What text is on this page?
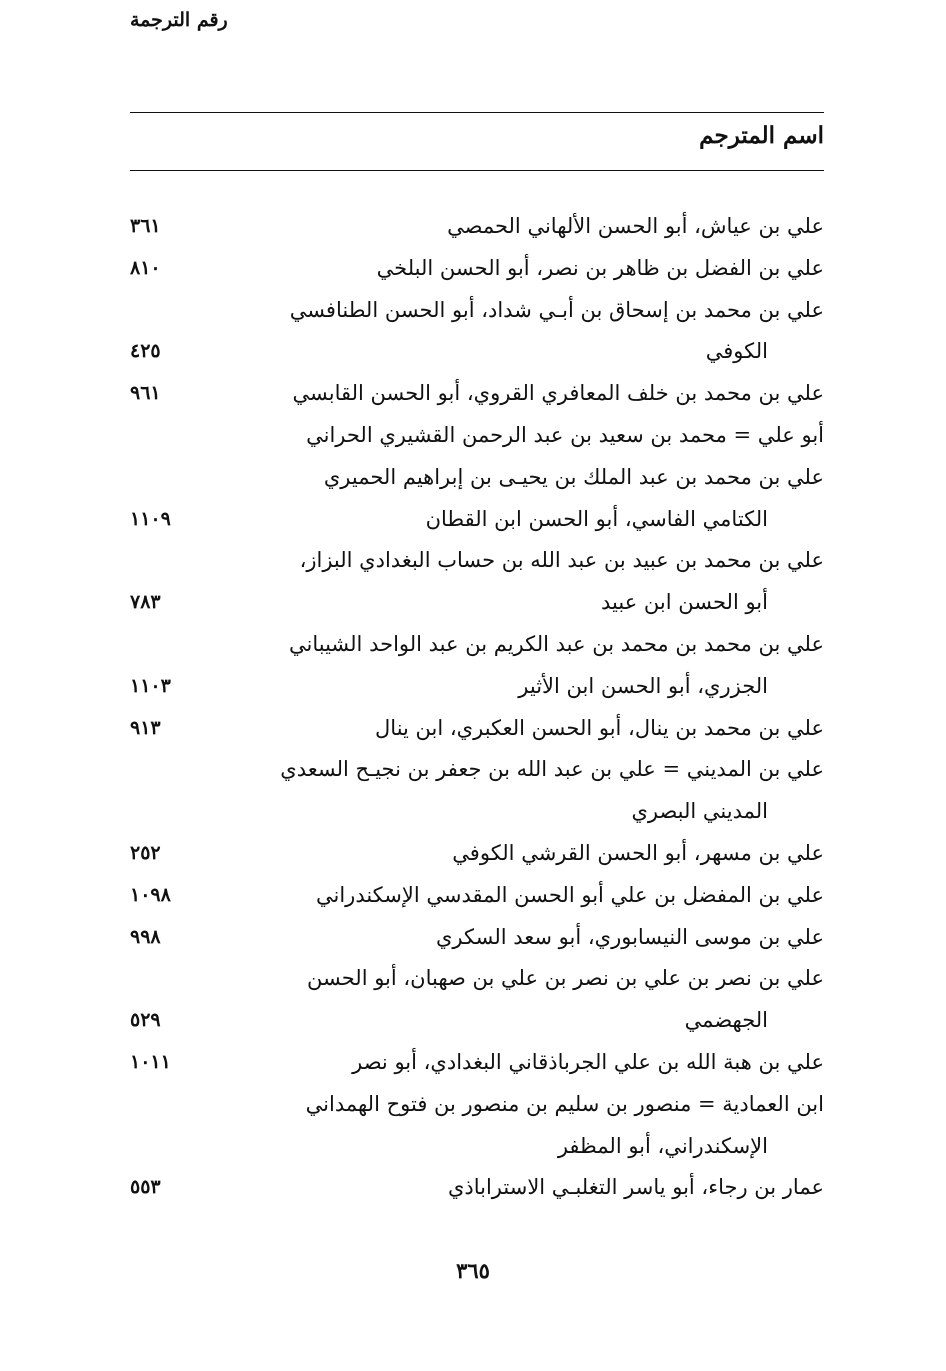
اسم المترجم
رقم الترجمة
علي بن عياش، أبو الحسن الألهاني الحمصي
٣٦١
علي بن الفضل بن ظاهر بن نصر، أبو الحسن البلخي
٨١٠
علي بن محمد بن إسحاق بن أبـي شداد، أبو الحسن الطنافسي
الكوفي
٤٢٥
علي بن محمد بن خلف المعافري القروي، أبو الحسن القابسي
٩٦١
أبو علي = محمد بن سعيد بن عبد الرحمن القشيري الحراني
علي بن محمد بن عبد الملك بن يحيـى بن إبراهيم الحميري
الكتامي الفاسي، أبو الحسن ابن القطان
١١٠٩
علي بن محمد بن عبيد بن عبد الله بن حساب البغدادي البزاز،
أبو الحسن ابن عبيد
٧٨٣
علي بن محمد بن محمد بن عبد الكريم بن عبد الواحد الشيباني
الجزري، أبو الحسن ابن الأثير
١١٠٣
علي بن محمد بن ينال، أبو الحسن العكبري، ابن ينال
٩١٣
علي بن المديني = علي بن عبد الله بن جعفر بن نجيـح السعدي
المديني البصري
علي بن مسهر، أبو الحسن القرشي الكوفي
٢٥٢
علي بن المفضل بن علي أبو الحسن المقدسي الإسكندراني
١٠٩٨
علي بن موسى النيسابوري، أبو سعد السكري
٩٩٨
علي بن نصر بن علي بن نصر بن علي بن صهبان، أبو الحسن
الجهضمي
٥٢٩
علي بن هبة الله بن علي الجرباذقاني البغدادي، أبو نصر
١٠١١
ابن العمادية = منصور بن سليم بن منصور بن فتوح الهمداني
الإسكندراني، أبو المظفر
عمار بن رجاء، أبو ياسر التغلبـي الاستراباذي
٥٥٣
٣٦٥
